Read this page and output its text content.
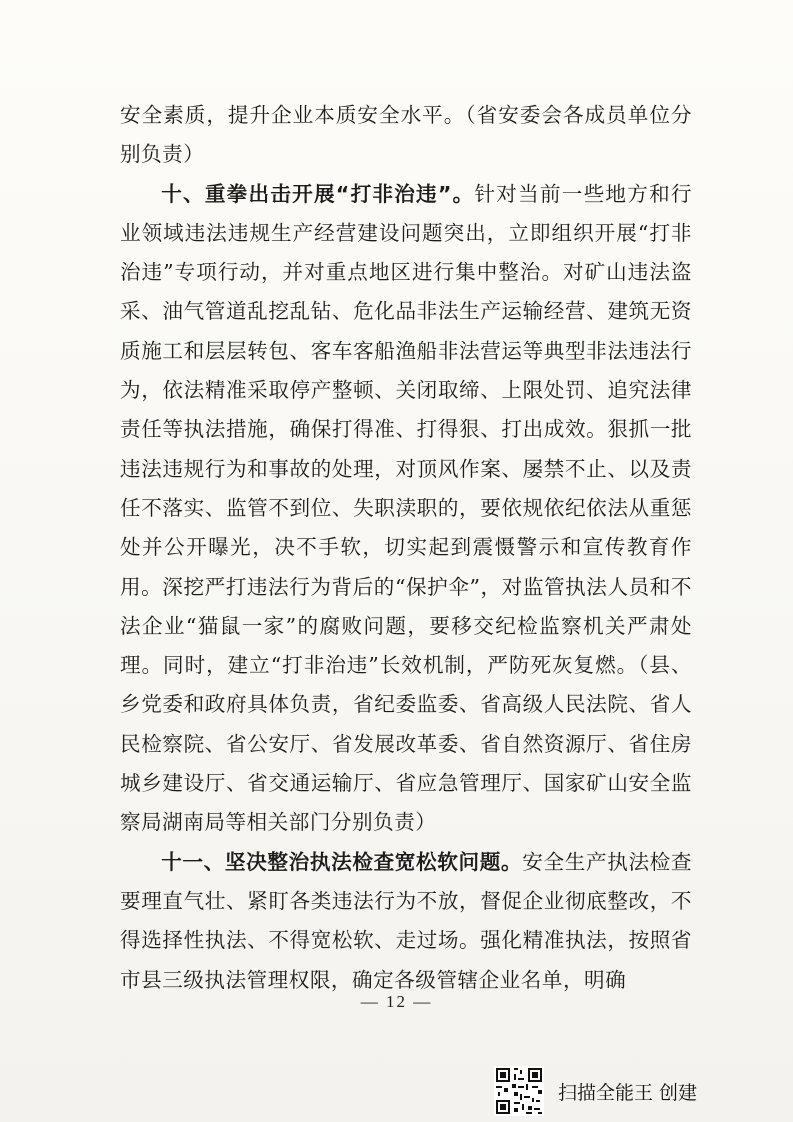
安全素质，提升企业本质安全水平。（省安委会各成员单位分别负责）

十、重拳出击开展“打非治违”。针对当前一些地方和行业领域违法违规生产经营建设问题突出，立即组织开展“打非治违”专项行动，并对重点地区进行集中整治。对矿山违法盗采、油气管道乱挖乱钻、危化品非法生产运输经营、建筑无资质施工和层层转包、客车客船渔船非法营运等典型非法违法行为，依法精准采取停产整顿、关闭取缔、上限处罚、追究法律责任等执法措施，确保打得准、打得狠、打出成效。狠抓一批违法违规行为和事故的处理，对顶风作案、屡禁不止、以及责任不落实、监管不到位、失职渎职的，要依规依纪依法从重惩处并公开曝光，决不手软，切实起到震慑警示和宣传教育作用。深挖严打违法行为背后的“保护伞”，对监管执法人员和不法企业“猫鼠一家”的腐败问题，要移交纪检监察机关严肃处理。同时，建立“打非治违”长效机制，严防死灰复燃。（县、乡党委和政府具体负责，省纪委监委、省高级人民法院、省人民检察院、省公安厅、省发展改革委、省自然资源厅、省住房城乡建设厅、省交通运输厅、省应急管理厅、国家矿山安全监察局湖南局等相关部门分别负责）

十一、坚决整治执法检查宽松软问题。安全生产执法检查要理直气壮、紧盯各类违法行为不放，督促企业彻底整改，不得选择性执法、不得宽松软、走过场。强化精准执法，按照省市县三级执法管理权限，确定各级管辖企业名单，明确

— 12 —
扫描全能王 创建
